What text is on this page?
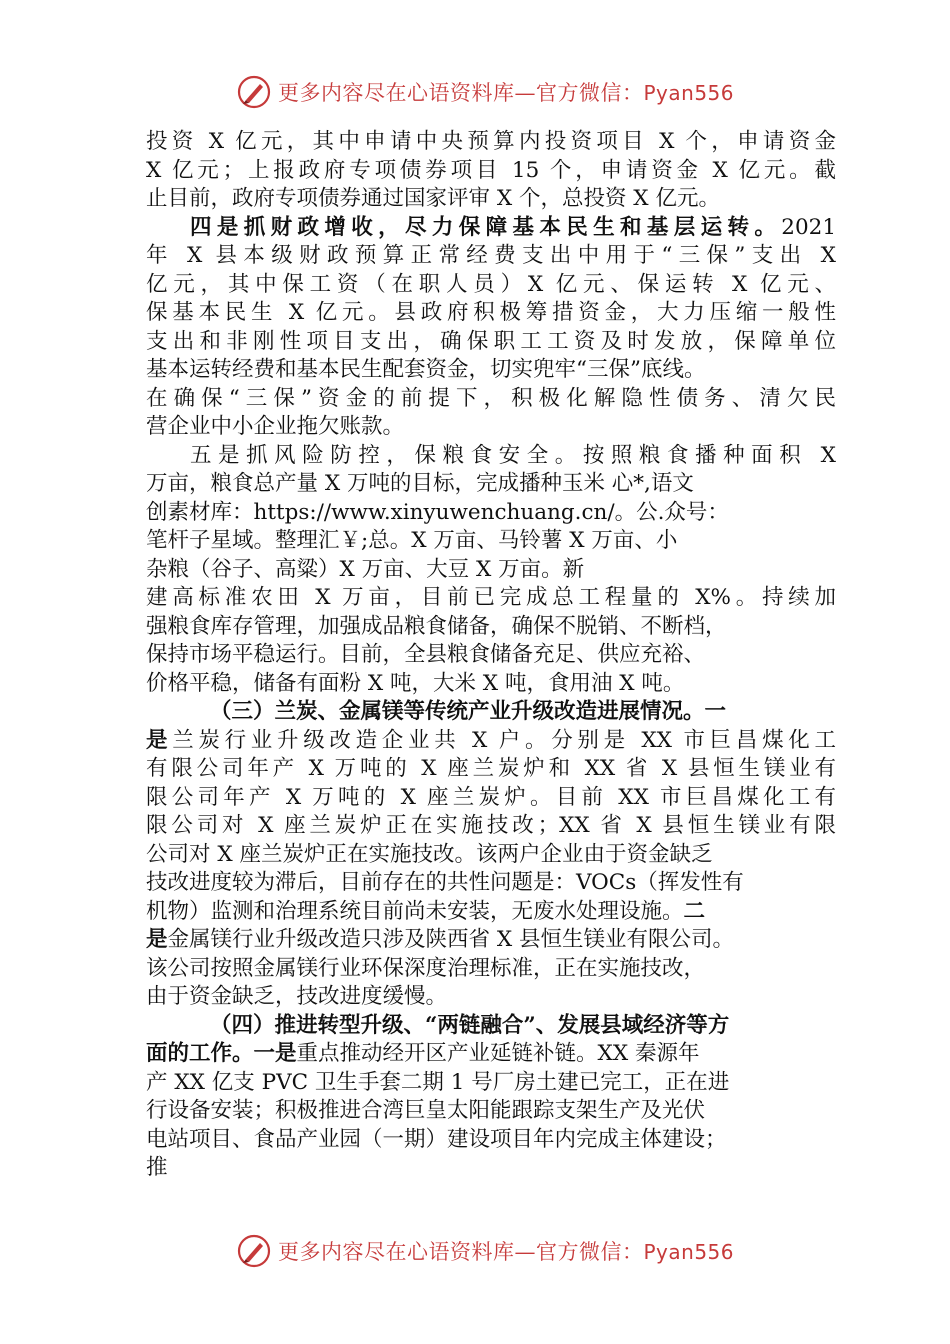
更多内容尽在心语资料库—官方微信：Pyan556
投资 X 亿元，其中申请中央预算内投资项目 X 个，申请资金
X 亿元；上报政府专项债券项目 15 个，申请资金 X 亿元。截
止目前，政府专项债券通过国家评审 X 个，总投资 X 亿元。
四是抓财政增收，尽力保障基本民生和基层运转。2021
年 X 县本级财政预算正常经费支出中用于“三保”支出 X
亿元，其中保工资（在职人员）X 亿元、保运转 X 亿元、
保基本民生 X 亿元。县政府积极筹措资金，大力压缩一般性
支出和非刚性项目支出，确保职工工资及时发放，保障单位
基本运转经费和基本民生配套资金，切实兜牢“三保”底线。
在确保“三保”资金的前提下，积极化解隐性债务、清欠民
营企业中小企业拖欠账款。
五是抓风险防控，保粮食安全。按照粮食播种面积 X
万亩，粮食总产量 X 万吨的目标，完成播种玉米 心*,语文
创素材库：https://www.xinyuwenchuang.cn/。公.众号：
笔杆子星域。整理汇￥;总。X 万亩、马铃薯 X 万亩、小
杂粮（谷子、高粱）X 万亩、大豆 X 万亩。新
建高标准农田 X 万亩，目前已完成总工程量的 X%。持续加
强粮食库存管理，加强成品粮食储备，确保不脱销、不断档，
保持市场平稳运行。目前，全县粮食储备充足、供应充裕、
价格平稳，储备有面粉 X 吨，大米 X 吨，食用油 X 吨。
（三）兰炭、金属镁等传统产业升级改造进展情况。一
是兰炭行业升级改造企业共 X 户。分别是 XX 市巨昌煤化工
有限公司年产 X 万吨的 X 座兰炭炉和 XX 省 X 县恒生镁业有
限公司年产 X 万吨的 X 座兰炭炉。目前 XX 市巨昌煤化工有
限公司对 X 座兰炭炉正在实施技改；XX 省 X 县恒生镁业有限
公司对 X 座兰炭炉正在实施技改。该两户企业由于资金缺乏
技改进度较为滞后，目前存在的共性问题是：VOCs（挥发性有
机物）监测和治理系统目前尚未安装，无废水处理设施。二
是金属镁行业升级改造只涉及陕西省 X 县恒生镁业有限公司。
该公司按照金属镁行业环保深度治理标准，正在实施技改，
由于资金缺乏，技改进度缓慢。
（四）推进转型升级、“两链融合”、发展县域经济等方
面的工作。一是重点推动经开区产业延链补链。XX 秦源年
产 XX 亿支 PVC 卫生手套二期 1 号厂房土建已完工，正在进
行设备安装；积极推进合湾巨皇太阳能跟踪支架生产及光伏
电站项目、食品产业园（一期）建设项目年内完成主体建设；
推
更多内容尽在心语资料库—官方微信：Pyan556
